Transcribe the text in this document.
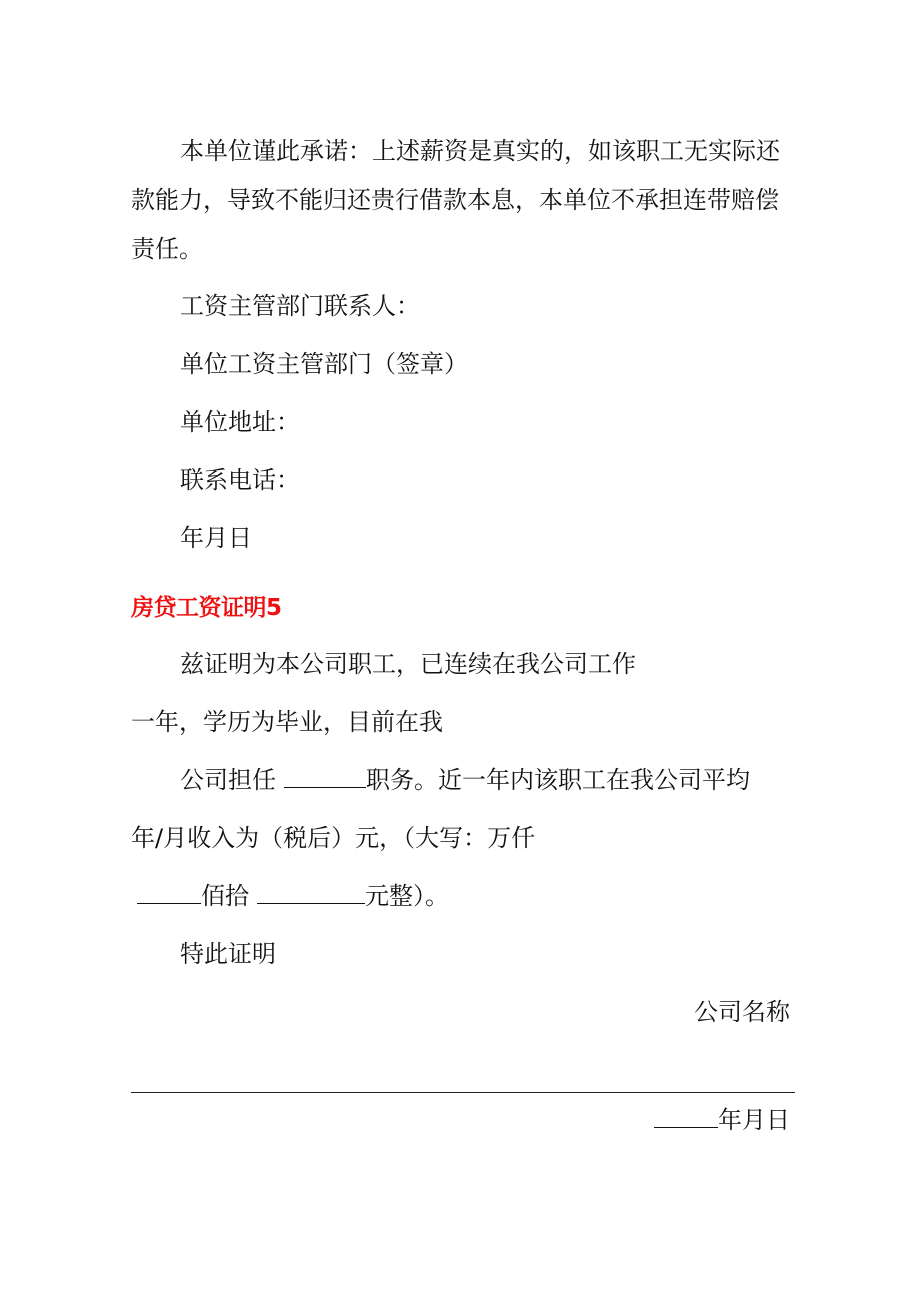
本单位谨此承诺：上述薪资是真实的，如该职工无实际还
款能力，导致不能归还贵行借款本息，本单位不承担连带赔偿
责任。
工资主管部门联系人：
单位工资主管部门（签章）
单位地址：
联系电话：
年月日
房贷工资证明5
兹证明为本公司职工，已连续在我公司工作
一年，学历为毕业，目前在我
公司担任	职务。近一年内该职工在我公司平均
年/月收入为（税后）元，（大写：万仟
佰拾	元整）。
特此证明
公司名称
年月日
